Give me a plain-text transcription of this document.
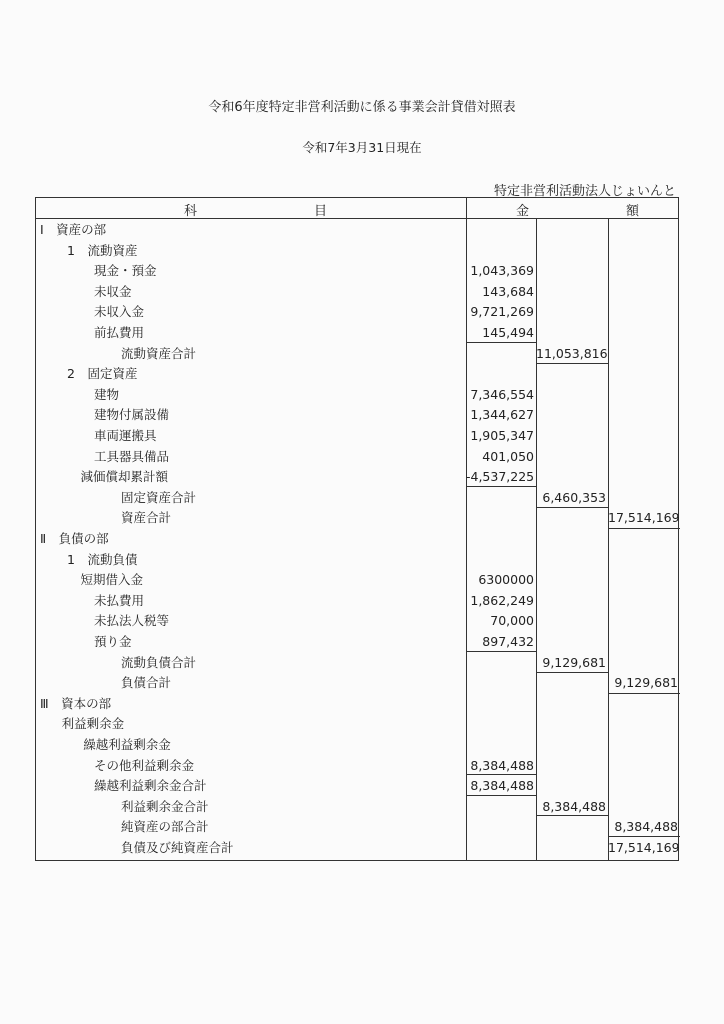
令和6年度特定非営利活動に係る事業会計貸借対照表
令和7年3月31日現在
特定非営利活動法人じょいんと
科	目	金	額
Ⅰ　資産の部
1　流動資産
現金・預金	1,043,369
未収金	143,684
未収入金	9,721,269
前払費用	145,494
流動資産合計	11,053,816
2　固定資産
建物	7,346,554
建物付属設備	1,344,627
車両運搬具	1,905,347
工具器具備品	401,050
減価償却累計額	-4,537,225
固定資産合計	6,460,353
資産合計	17,514,169
Ⅱ　負債の部
1　流動負債
短期借入金	6300000
未払費用	1,862,249
未払法人税等	70,000
預り金	897,432
流動負債合計	9,129,681
負債合計	9,129,681
Ⅲ　資本の部
利益剰余金
繰越利益剰余金
その他利益剰余金	8,384,488
繰越利益剰余金合計	8,384,488
利益剰余金合計	8,384,488
純資産の部合計	8,384,488
負債及び純資産合計	17,514,169
